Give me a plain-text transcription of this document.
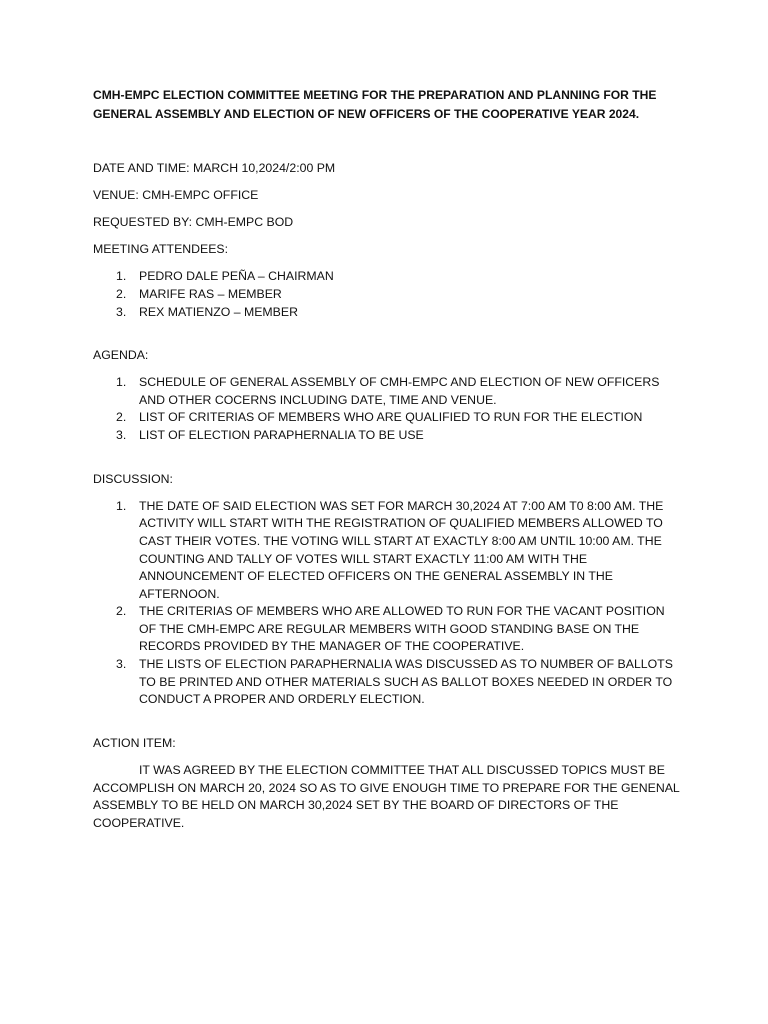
CMH-EMPC ELECTION COMMITTEE MEETING FOR THE PREPARATION AND PLANNING FOR THE GENERAL ASSEMBLY AND ELECTION OF NEW OFFICERS OF THE COOPERATIVE YEAR 2024.
DATE AND TIME: MARCH 10,2024/2:00 PM
VENUE: CMH-EMPC OFFICE
REQUESTED BY: CMH-EMPC BOD
MEETING ATTENDEES:
1. PEDRO DALE PEÑA – CHAIRMAN
2. MARIFE RAS – MEMBER
3. REX MATIENZO – MEMBER
AGENDA:
1. SCHEDULE OF GENERAL ASSEMBLY OF CMH-EMPC AND ELECTION OF NEW OFFICERS AND OTHER COCERNS INCLUDING DATE, TIME AND VENUE.
2. LIST OF CRITERIAS OF MEMBERS WHO ARE QUALIFIED TO RUN FOR THE ELECTION
3. LIST OF ELECTION PARAPHERNALIA TO BE USE
DISCUSSION:
1. THE DATE OF SAID ELECTION WAS SET FOR MARCH 30,2024 AT 7:00 AM T0 8:00 AM. THE ACTIVITY WILL START WITH THE REGISTRATION OF QUALIFIED MEMBERS ALLOWED TO CAST THEIR VOTES. THE VOTING WILL START AT EXACTLY 8:00 AM UNTIL 10:00 AM. THE COUNTING AND TALLY OF VOTES WILL START EXACTLY 11:00 AM WITH THE ANNOUNCEMENT OF ELECTED OFFICERS ON THE GENERAL ASSEMBLY IN THE AFTERNOON.
2. THE CRITERIAS OF MEMBERS WHO ARE ALLOWED TO RUN FOR THE VACANT POSITION OF THE CMH-EMPC ARE REGULAR MEMBERS WITH GOOD STANDING BASE ON THE RECORDS PROVIDED BY THE MANAGER OF THE COOPERATIVE.
3. THE LISTS OF ELECTION PARAPHERNALIA WAS DISCUSSED AS TO NUMBER OF BALLOTS TO BE PRINTED AND OTHER MATERIALS SUCH AS BALLOT BOXES NEEDED IN ORDER TO CONDUCT A PROPER AND ORDERLY ELECTION.
ACTION ITEM:

IT WAS AGREED BY THE ELECTION COMMITTEE THAT ALL DISCUSSED TOPICS MUST BE ACCOMPLISH ON MARCH 20, 2024 SO AS TO GIVE ENOUGH TIME TO PREPARE FOR THE GENENAL ASSEMBLY TO BE HELD ON MARCH 30,2024 SET BY THE BOARD OF DIRECTORS OF THE COOPERATIVE.
